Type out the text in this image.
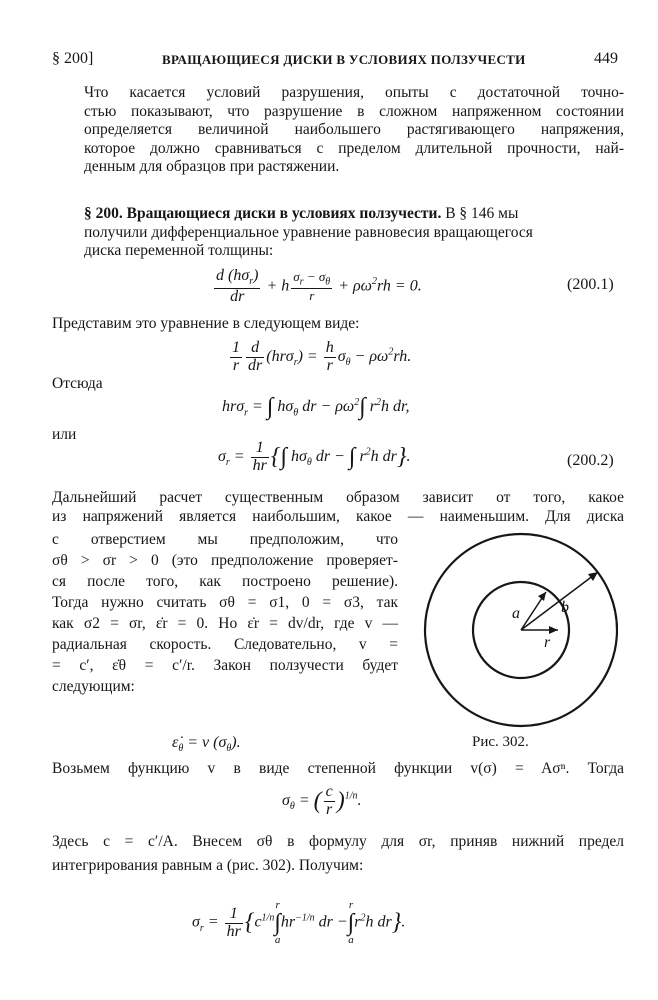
§ 200]	ВРАЩАЮЩИЕСЯ ДИСКИ В УСЛОВИЯХ ПОЛЗУЧЕСТИ	449
Что касается условий разрушения, опыты с достаточной точно-
стью показывают, что разрушение в сложном напряженном состоянии
определяется величиной наибольшего растягивающего напряжения,
которое должно сравниваться с пределом длительной прочности, най-
денным для образцов при растяжении.
§ 200. Вращающиеся диски в условиях ползучести. В § 146 мы
получили дифференциальное уравнение равновесия вращающегося
диска переменной толщины:
$\frac{d (h\sigma_r)}{dr} + h \frac{\sigma_r - \sigma_\theta}{r} + \rho\omega^2rh = 0$.	(200.1)
Представим это уравнение в следующем виде:
$\frac{1}{r} \frac{d}{dr} (hr\sigma_r) = \frac{h}{r} \sigma_\theta - \rho\omega^2rh$.
Отсюда
hrσ$_r$ = ∫ $h\sigma_\theta$ dr − $\rho\omega^2\int$ $r^2h$ dr,
или
$\sigma_r = \frac{1}{hr}$ {∫ $h\sigma_\theta$ dr − ∫ $r^2h$ dr}.	(200.2)
Дальнейший расчет существенным образом зависит от того, какое
из напряжений является наибольшим, какое — наименьшим. Для диска
с отверстием мы предположим, что
σθ > σr > 0 (это предположение проверяет-
ся после того, как построено решение).
Тогда нужно считать σθ = σ1, 0 = σ3, так
как σ2 = σr, ε̇r = 0. Но ε̇r = dv/dr, где v —
радиальная скорость. Следовательно, v =
= c′, ε̇θ = c′/r. Закон ползучести будет
следующим:
$\varepsiloṅ_\theta = v$ $(\sigma_\theta)$.
a	b
r
Рис. 302.
Возьмем функцию v в виде степенной функции v(σ) = Aσⁿ. Тогда
$\sigma_\theta$ = ( $\frac{c}{r} )^{1/n}$.
Здесь c = c′/A. Внесем σθ в формулу для σr, приняв нижний предел
интегрирования равным a (рис. 302). Получим:
$\sigma_r = \frac{1}{hr} \{c^{1/n}$
r
∫
a
$hr^{-1/n}$ dr −
r
∫
a
$r^2h$ dr}.
